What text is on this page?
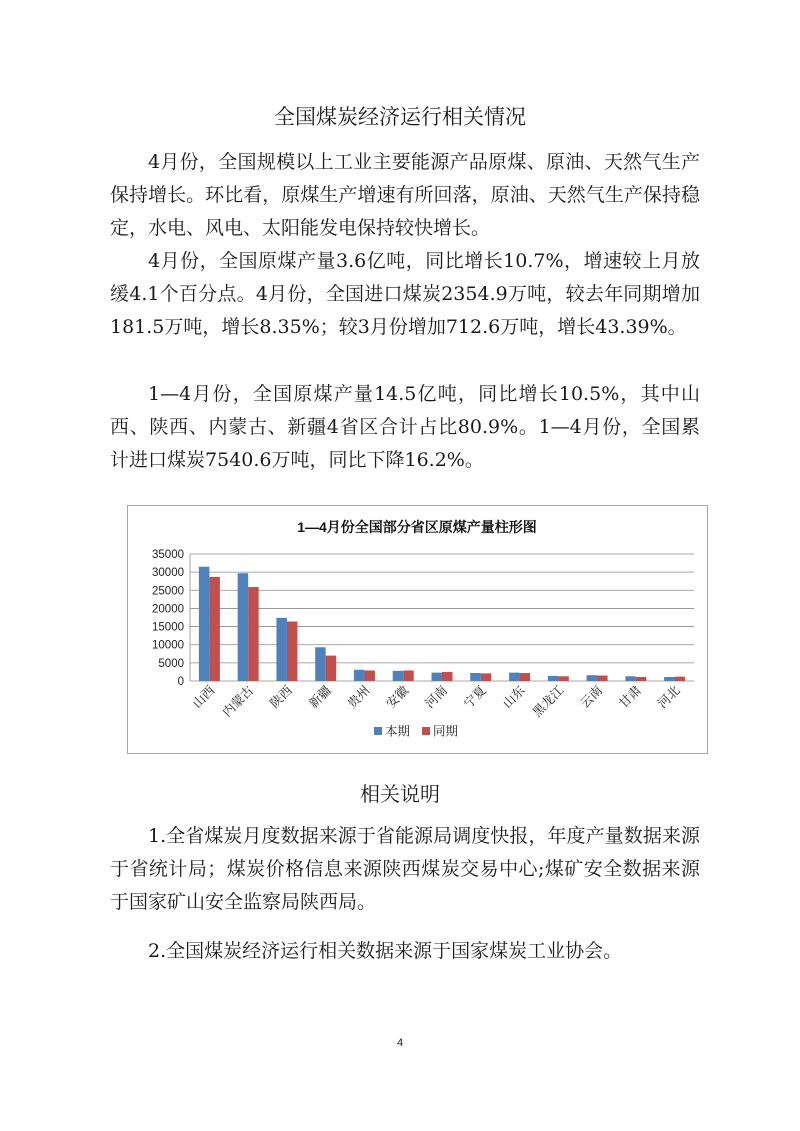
全国煤炭经济运行相关情况

4月份，全国规模以上工业主要能源产品原煤、原油、天然气生产保持增长。环比看，原煤生产增速有所回落，原油、天然气生产保持稳定，水电、风电、太阳能发电保持较快增长。

4月份，全国原煤产量3.6亿吨，同比增长10.7%，增速较上月放缓4.1个百分点。4月份，全国进口煤炭2354.9万吨，较去年同期增加181.5万吨，增长8.35%；较3月份增加712.6万吨，增长43.39%。

1—4月份，全国原煤产量14.5亿吨，同比增长10.5%，其中山西、陕西、内蒙古、新疆4省区合计占比80.9%。1—4月份，全国累计进口煤炭7540.6万吨，同比下降16.2%。

1—4月份全国部分省区原煤产量柱形图
0
5000
10000
15000
20000
25000
30000
35000
山西 内蒙古 陕西 新疆 贵州 安徽 河南 宁夏 山东 黑龙江 云南 甘肃 河北
本期 同期
相关说明

1.全省煤炭月度数据来源于省能源局调度快报，年度产量数据来源于省统计局；煤炭价格信息来源陕西煤炭交易中心;煤矿安全数据来源于国家矿山安全监察局陕西局。

2.全国煤炭经济运行相关数据来源于国家煤炭工业协会。

4
